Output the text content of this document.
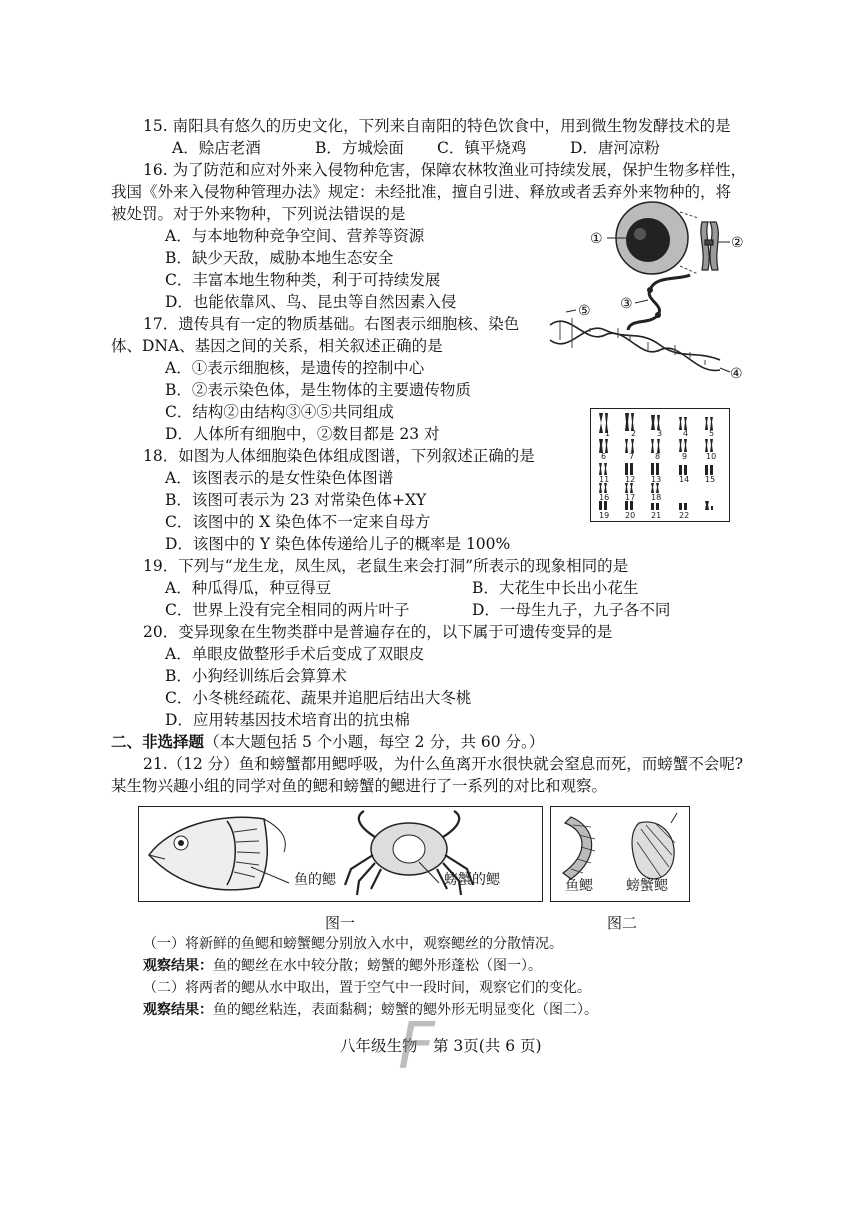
15. 南阳具有悠久的历史文化，下列来自南阳的特色饮食中，用到微生物发酵技术的是
A．赊店老酒	B．方城烩面 C．镇平烧鸡	D．唐河凉粉
16. 为了防范和应对外来入侵物种危害，保障农林牧渔业可持续发展，保护生物多样性，
我国《外来入侵物种管理办法》规定：未经批准，擅自引进、释放或者丢弃外来物种的，将
被处罚。对于外来物种，下列说法错误的是
A．与本地物种竞争空间、营养等资源
B．缺少天敌，威胁本地生态安全
C．丰富本地生物种类，利于可持续发展
D．也能依靠风、鸟、昆虫等自然因素入侵
17．遗传具有一定的物质基础。右图表示细胞核、染色
体、DNA、基因之间的关系，相关叙述正确的是
A．①表示细胞核，是遗传的控制中心
B．②表示染色体，是生物体的主要遗传物质
C．结构②由结构③④⑤共同组成
D．人体所有细胞中，②数目都是 23 对
①	②
③
⑤
④
18．如图为人体细胞染色体组成图谱，下列叙述正确的是
A．该图表示的是女性染色体图谱
B．该图可表示为 23 对常染色体+XY
C．该图中的 X 染色体不一定来自母方
D．该图中的 Y 染色体传递给儿子的概率是 100%
1	2	3	4	5
6	7	8	9 10
11 12 13 14 15
16 17 18
19 20 21 22
19．下列与“龙生龙，凤生凤，老鼠生来会打洞”所表示的现象相同的是
A．种瓜得瓜，种豆得豆	B．大花生中长出小花生
C．世界上没有完全相同的两片叶子	D．一母生九子，九子各不同
20．变异现象在生物类群中是普遍存在的，以下属于可遗传变异的是
A．单眼皮做整形手术后变成了双眼皮
B．小狗经训练后会算算术
C．小冬桃经疏花、蔬果并追肥后结出大冬桃
D．应用转基因技术培育出的抗虫棉
二、非选择题（本大题包括 5 个小题，每空 2 分，共 60 分。）
21.（12 分）鱼和螃蟹都用鳃呼吸，为什么鱼离开水很快就会窒息而死，而螃蟹不会呢?
某生物兴趣小组的同学对鱼的鳃和螃蟹的鳃进行了一系列的对比和观察。
鱼的鳃	螃蟹的鳃	鱼鳃 螃蟹鳃
图一	图二
（一）将新鲜的鱼鳃和螃蟹鳃分别放入水中，观察鳃丝的分散情况。
观察结果：鱼的鳃丝在水中较分散；螃蟹的鳃外形蓬松（图一）。
（二）将两者的鳃从水中取出，置于空气中一段时间，观察它们的变化。
观察结果：鱼的鳃丝粘连，表面黏稠；螃蟹的鳃外形无明显变化（图二）。
八年级生物　第 3页(共 6 页)
F
